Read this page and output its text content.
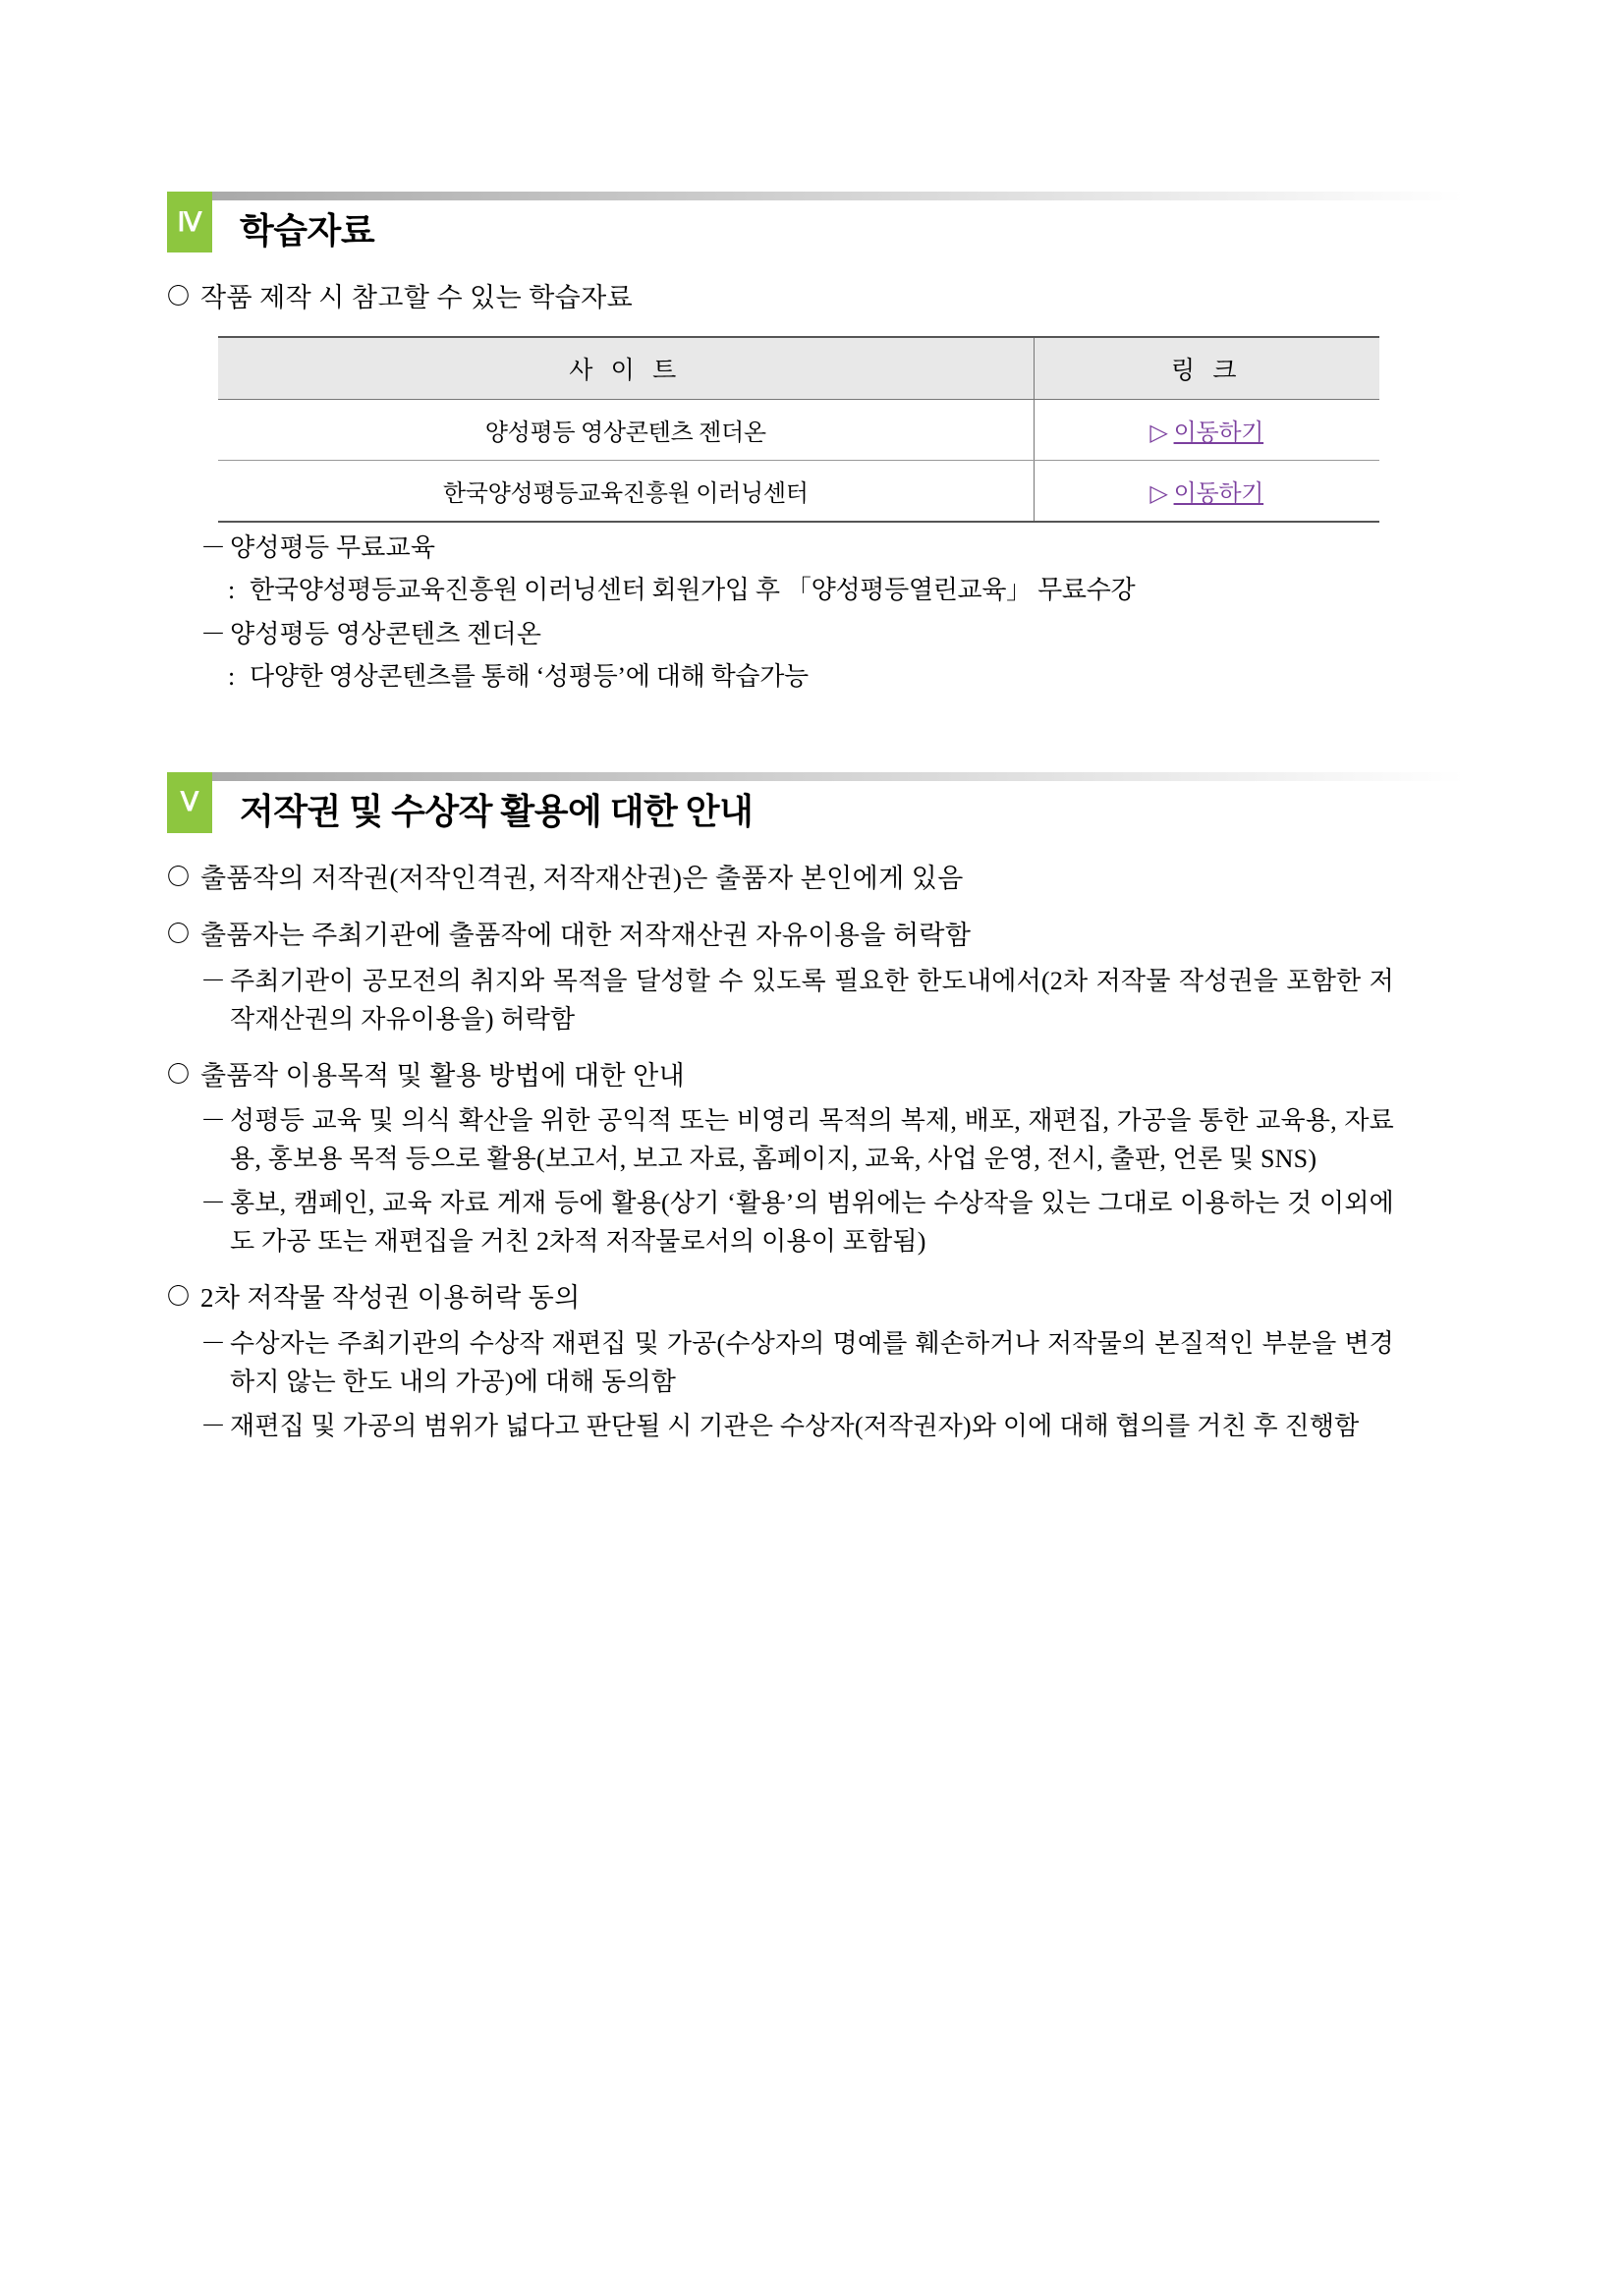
Ⅳ 학습자료
〇 작품 제작 시 참고할 수 있는 학습자료
사 이 트	링 크
양성평등 영상콘텐츠 젠더온	▷ 이동하기
한국양성평등교육진흥원 이러닝센터	▷ 이동하기
－ 양성평등 무료교육
: 한국양성평등교육진흥원 이러닝센터 회원가입 후 「양성평등열린교육」 무료수강
－ 양성평등 영상콘텐츠 젠더온
: 다양한 영상콘텐츠를 통해 ‘성평등’에 대해 학습가능
Ⅴ	저작권 및 수상작 활용에 대한 안내
〇 출품작의 저작권(저작인격권, 저작재산권)은 출품자 본인에게 있음
〇 출품자는 주최기관에 출품작에 대한 저작재산권 자유이용을 허락함
－ 주최기관이 공모전의 취지와 목적을 달성할 수 있도록 필요한 한도내에서(2차 저작물 작성권을 포함한 저작재산권의 자유이용을) 허락함
〇 출품작 이용목적 및 활용 방법에 대한 안내
－ 성평등 교육 및 의식 확산을 위한 공익적 또는 비영리 목적의 복제, 배포, 재편집, 가공을 통한 교육용, 자료용, 홍보용 목적 등으로 활용(보고서, 보고 자료, 홈페이지, 교육, 사업 운영, 전시, 출판, 언론 및 SNS)
－ 홍보, 캠페인, 교육 자료 게재 등에 활용(상기 ‘활용’의 범위에는 수상작을 있는 그대로 이용하는 것 이외에도 가공 또는 재편집을 거친 2차적 저작물로서의 이용이 포함됨)
〇 2차 저작물 작성권 이용허락 동의
－ 수상자는 주최기관의 수상작 재편집 및 가공(수상자의 명예를 훼손하거나 저작물의 본질적인 부분을 변경하지 않는 한도 내의 가공)에 대해 동의함
－ 재편집 및 가공의 범위가 넓다고 판단될 시 기관은 수상자(저작권자)와 이에 대해 협의를 거친 후 진행함
